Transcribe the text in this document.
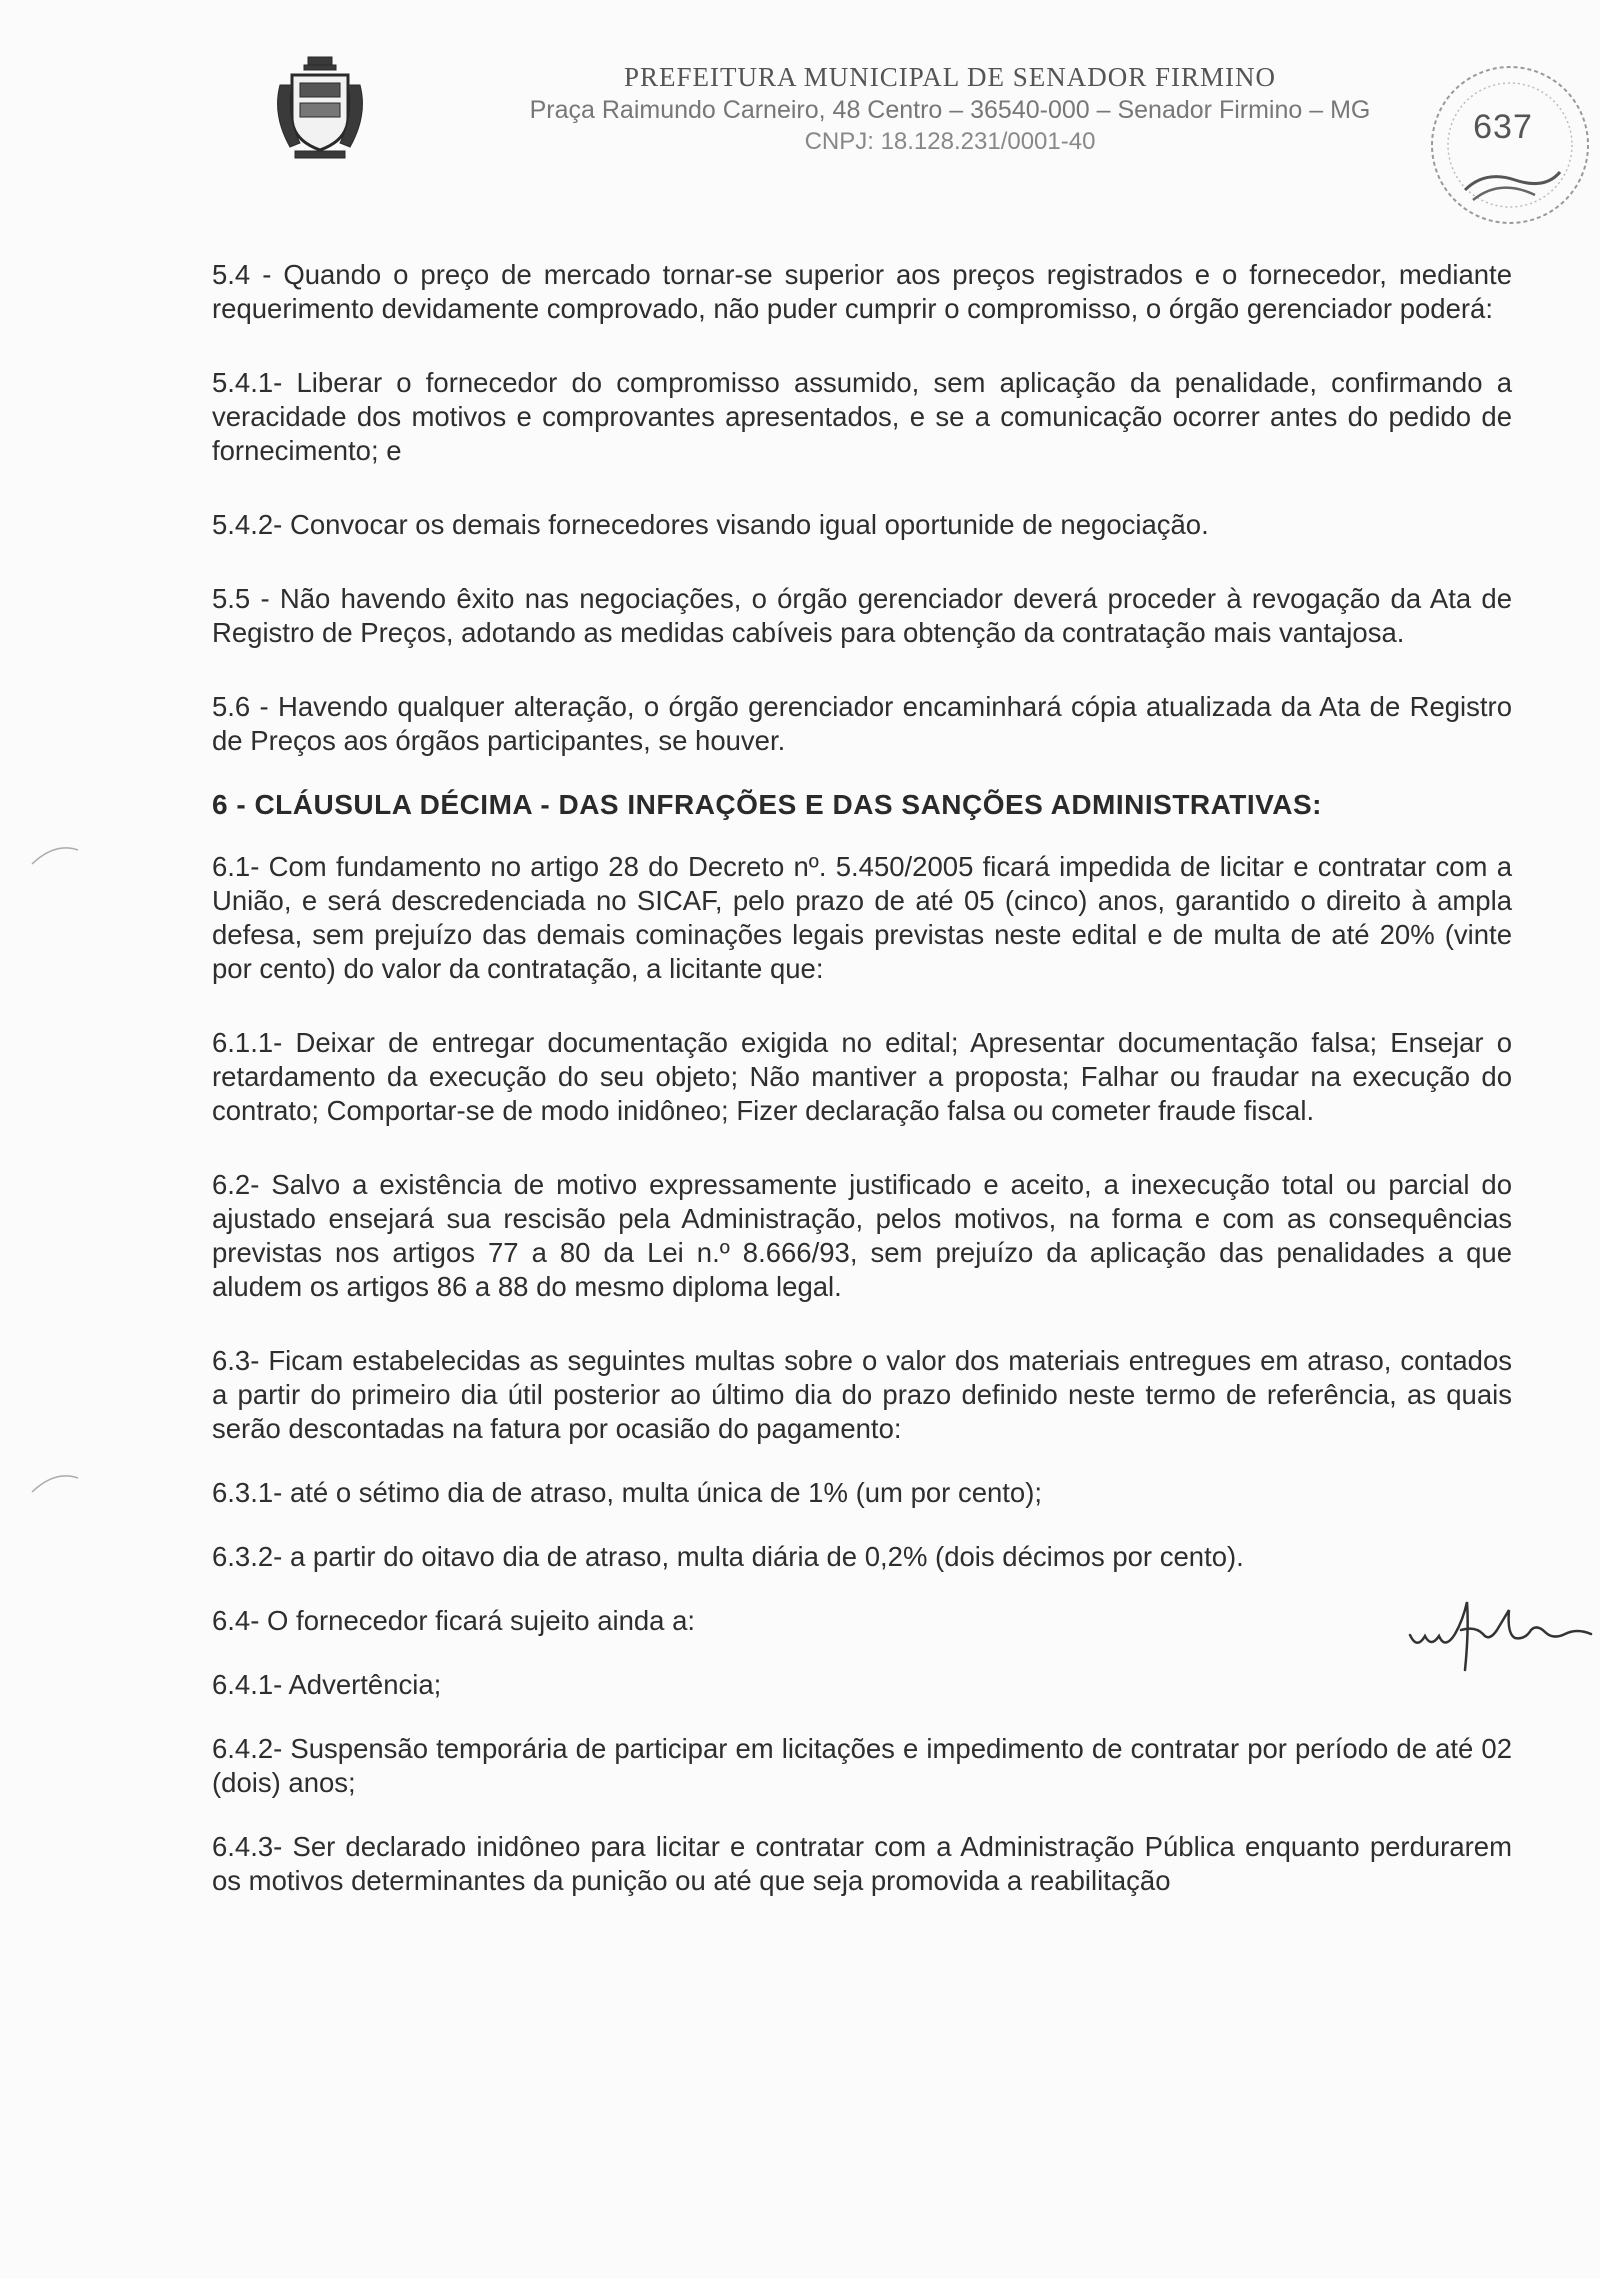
PREFEITURA MUNICIPAL DE SENADOR FIRMINO
Praça Raimundo Carneiro, 48 Centro – 36540-000 – Senador Firmino – MG
CNPJ: 18.128.231/0001-40	637

5.4 - Quando o preço de mercado tornar-se superior aos preços registrados e o fornecedor, mediante requerimento devidamente comprovado, não puder cumprir o compromisso, o órgão gerenciador poderá:

5.4.1- Liberar o fornecedor do compromisso assumido, sem aplicação da penalidade, confirmando a veracidade dos motivos e comprovantes apresentados, e se a comunicação ocorrer antes do pedido de fornecimento; e

5.4.2- Convocar os demais fornecedores visando igual oportunide de negociação.

5.5 - Não havendo êxito nas negociações, o órgão gerenciador deverá proceder à revogação da Ata de Registro de Preços, adotando as medidas cabíveis para obtenção da contratação mais vantajosa.

5.6 - Havendo qualquer alteração, o órgão gerenciador encaminhará cópia atualizada da Ata de Registro de Preços aos órgãos participantes, se houver.

6 - CLÁUSULA DÉCIMA - DAS INFRAÇÕES E DAS SANÇÕES ADMINISTRATIVAS:

6.1- Com fundamento no artigo 28 do Decreto nº. 5.450/2005 ficará impedida de licitar e contratar com a União, e será descredenciada no SICAF, pelo prazo de até 05 (cinco) anos, garantido o direito à ampla defesa, sem prejuízo das demais cominações legais previstas neste edital e de multa de até 20% (vinte por cento) do valor da contratação, a licitante que:

6.1.1- Deixar de entregar documentação exigida no edital; Apresentar documentação falsa; Ensejar o retardamento da execução do seu objeto; Não mantiver a proposta; Falhar ou fraudar na execução do contrato; Comportar-se de modo inidôneo; Fizer declaração falsa ou cometer fraude fiscal.

6.2- Salvo a existência de motivo expressamente justificado e aceito, a inexecução total ou parcial do ajustado ensejará sua rescisão pela Administração, pelos motivos, na forma e com as consequências previstas nos artigos 77 a 80 da Lei n.º 8.666/93, sem prejuízo da aplicação das penalidades a que aludem os artigos 86 a 88 do mesmo diploma legal.

6.3- Ficam estabelecidas as seguintes multas sobre o valor dos materiais entregues em atraso, contados a partir do primeiro dia útil posterior ao último dia do prazo definido neste termo de referência, as quais serão descontadas na fatura por ocasião do pagamento:

6.3.1- até o sétimo dia de atraso, multa única de 1% (um por cento);

6.3.2- a partir do oitavo dia de atraso, multa diária de 0,2% (dois décimos por cento).

6.4- O fornecedor ficará sujeito ainda a:

6.4.1- Advertência;

6.4.2- Suspensão temporária de participar em licitações e impedimento de contratar por período de até 02 (dois) anos;

6.4.3- Ser declarado inidôneo para licitar e contratar com a Administração Pública enquanto perdurarem os motivos determinantes da punição ou até que seja promovida a reabilitação
